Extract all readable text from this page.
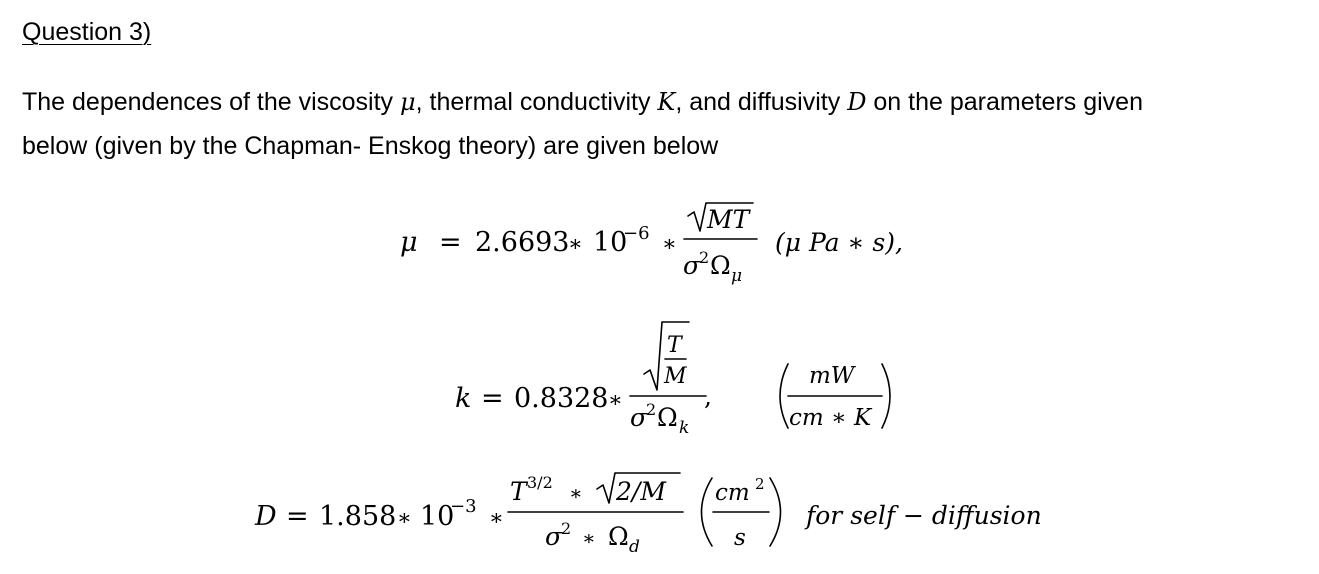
Question 3)
The dependences of the viscosity μ, thermal conductivity K, and diffusivity D on the parameters given
below (given by the Chapman- Enskog theory) are given below
μ = 2.6693
∗ 10
−6 ∗
MT
σ
2 Ω μ
(μ Pa ∗ s),
k = 0.8328 ∗
T
M
σ
2 Ω k
,
mW
cm ∗ K
D = 1.858 ∗ 10
−3 ∗
T 3/2 ∗ 2/M
σ
2 ∗ Ω d
cm 2
s
for self − diffusion
